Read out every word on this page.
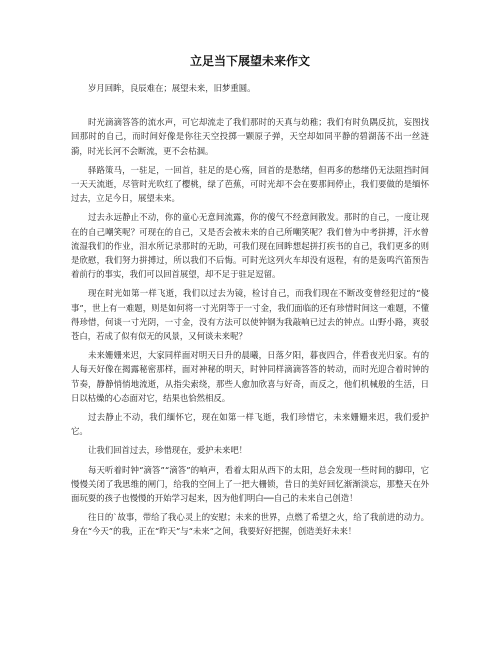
立足当下展望未来作文

岁月回眸，良辰难在；展望未来，旧梦重圆。

时光滴滴答答的流水声，可它却流走了我们那时的天真与幼稚；我们有时负隅反抗，妄图找回那时的自己，而时间好像是你往天空投掷一颗原子弹，天空却如同平静的碧湖荡不出一丝涟漪，时光长河不会断流，更不会枯涸。

驿路策马，一驻足，一回首，驻足的是心殇，回首的是愁绪，但再多的愁绪仍无法阻挡时间一天天流逝，尽管时光吹红了樱桃，绿了芭蕉，可时光却不会在要那间停止，我们要做的是缅怀过去，立足今日，展望未来。

过去永远静止不动，你的童心无意间流露，你的傻气不经意间散发。那时的自己，一度让现在的自己嘲笑呢？可现在的自己，又是否会被未来的自己所嘲笑呢？我们曾为中考拼搏，汗水曾流湿我们的作业，泪水所记录那时的无助，可我们现在回眸想起拼打疾书的自己，我们更多的则是欣慰，我们努力拼搏过，所以我们不后悔。可时光这列火车却没有返程，有的是轰鸣汽笛预告着前行的事实，我们可以回首展望，却不足于驻足逗留。

现在时光如第一样飞逝，我们以过去为镜，检讨自己，而我们现在不断改变曾经犯过的“傻事”，世上有一难题，则是如何将一寸光阴等于一寸金，我们面临的还有珍惜时间这一难题，不懂得珍惜，何谈一寸光阴，一寸金，没有方法可以使钟钢为我敲响已过去的钟点。山野小路，爽驳苍白，若成了似有似无的风景，又何谈未来呢？

未来姗姗来迟，大家同样面对明天日升的晨曦，日落夕阳，暮夜四合，伴看夜光归家。有的人每天好像在揭露秘密那样，面对神秘的明天，时钟同样滴滴答答的转动，而时光迎合着时钟的节奏，静静悄悄地流逝，从指尖索绕，那些人愈加欣喜与好奇，而反之，他们机械般的生活，日日以枯燥的心态面对它，结果也恰然相反。

过去静止不动，我们缅怀它，现在如第一样飞逝，我们珍惜它，未来姗姗来迟，我们爱护它。

让我们回首过去，珍惜现在，爱护未来吧！

每天听着时钟“滴答”“滴答”的响声，看着太阳从西下的太阳，总会发现一些时间的脚印，它慢慢关闭了我思维的闸门，给我的空间上了一把大栅锁，昔日的美好回忆渐渐淡忘，那整天在外面玩耍的孩子也慢慢的开始学习起来，因为他们明白──自己的未来自己创造！

往日的`故事，带给了我心灵上的安慰；未来的世界，点燃了希望之火，给了我前进的动力。身在“今天”的我，正在“昨天”与“未来”之间，我要好好把握，创造美好未来！
